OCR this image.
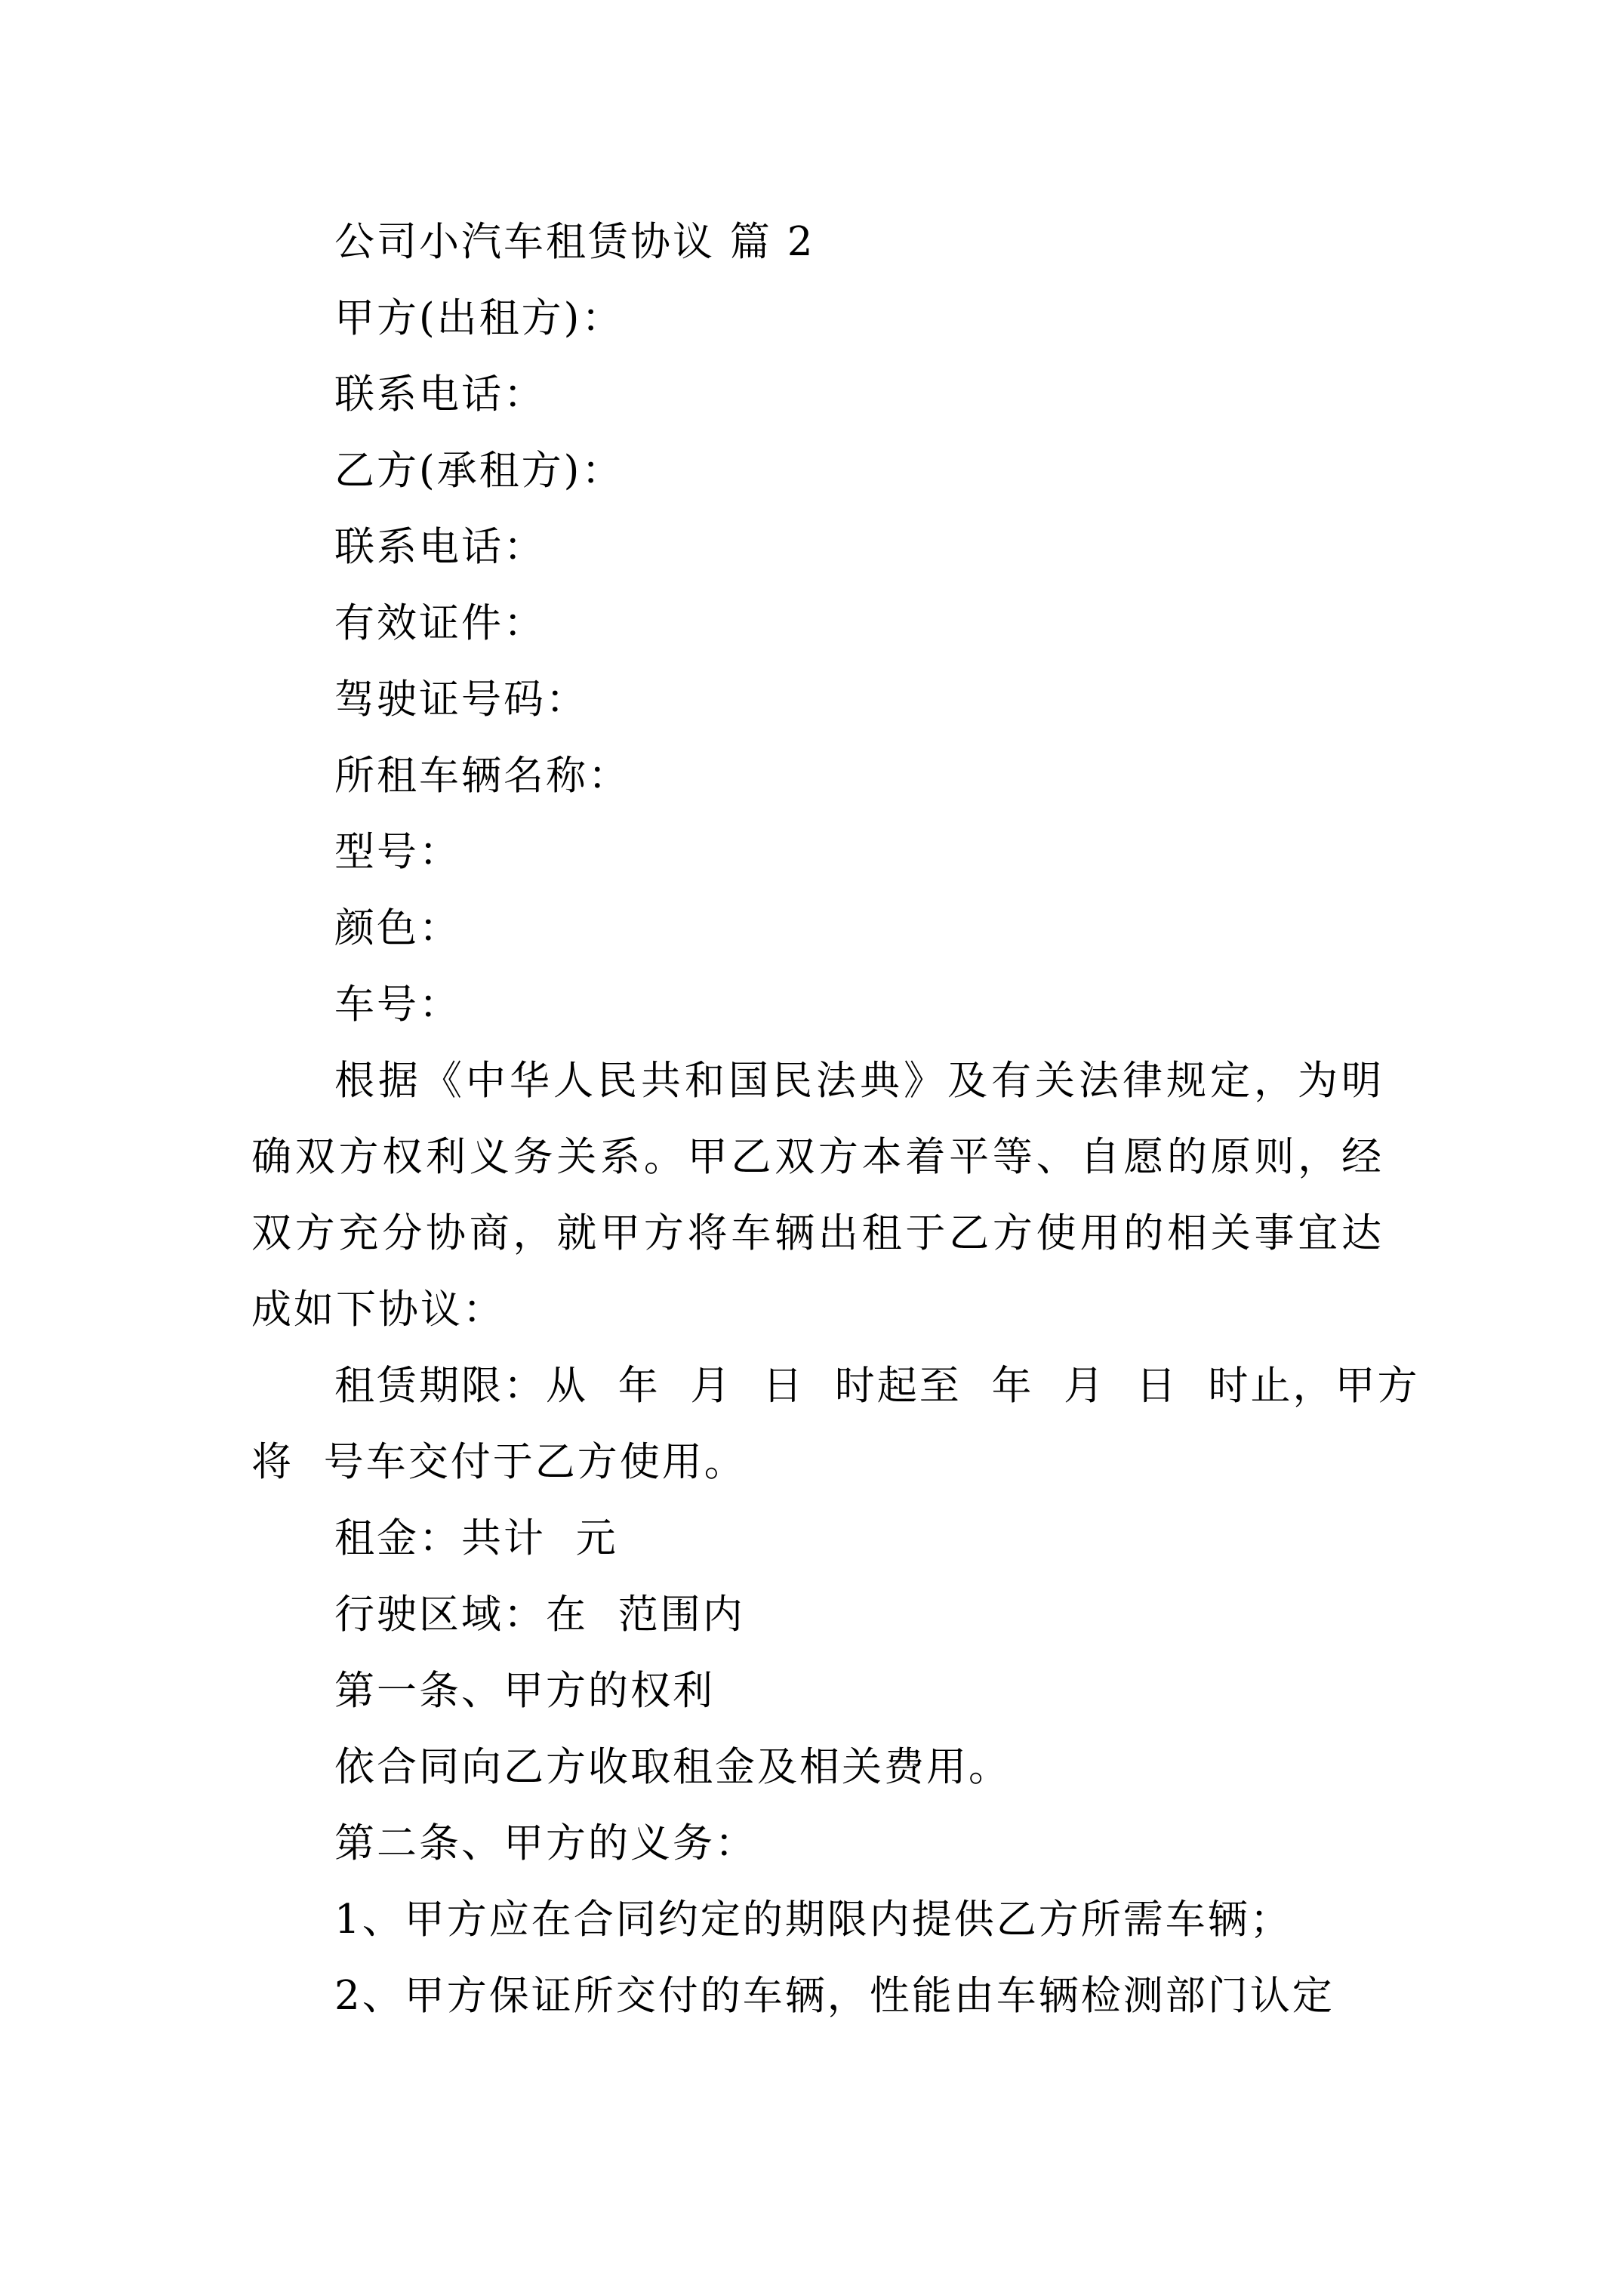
公司小汽车租赁协议 篇 2
甲方(出租方)：
联系电话：
乙方(承租方)：
联系电话：
有效证件：
驾驶证号码：
所租车辆名称：
型号：
颜色：
车号：
根据《中华人民共和国民法典》及有关法律规定，为明
确双方权利义务关系。甲乙双方本着平等、自愿的原则，经
双方充分协商，就甲方将车辆出租于乙方使用的相关事宜达
成如下协议：
租赁期限：从  年  月  日  时起至  年  月  日  时止，甲方
将  号车交付于乙方使用。
租金：共计  元
行驶区域：在  范围内
第一条、甲方的权利
依合同向乙方收取租金及相关费用。
第二条、甲方的义务：
1、甲方应在合同约定的期限内提供乙方所需车辆；
2、甲方保证所交付的车辆，性能由车辆检测部门认定
